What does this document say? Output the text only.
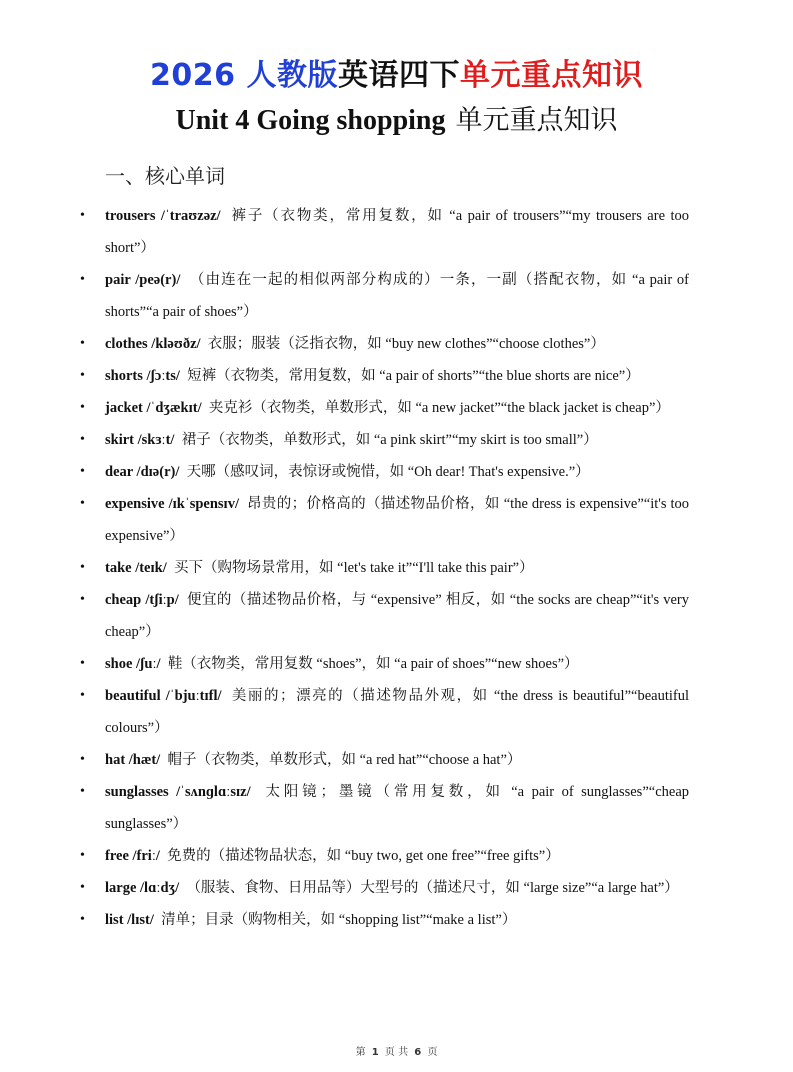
2026 人教版英语四下单元重点知识
Unit 4 Going shopping 单元重点知识
一、核心单词
• trousers /ˈtraʊzəz/ 裤子（衣物类，常用复数，如 “a pair of trousers”“my trousers are too short”）
• pair /peə(r)/ （由连在一起的相似两部分构成的）一条，一副（搭配衣物，如 “a pair of shorts”“a pair of shoes”）
• clothes /kləʊðz/ 衣服；服装（泛指衣物，如 “buy new clothes”“choose clothes”）
• shorts /ʃɔːts/ 短裤（衣物类，常用复数，如 “a pair of shorts”“the blue shorts are nice”）
• jacket /ˈdʒækɪt/ 夹克衫（衣物类，单数形式，如 “a new jacket”“the black jacket is cheap”）
• skirt /skɜːt/ 裙子（衣物类，单数形式，如 “a pink skirt”“my skirt is too small”）
• dear /dɪə(r)/ 天哪（感叹词，表惊讶或惋惜，如 “Oh dear! That's expensive.”）
• expensive /ɪkˈspensɪv/ 昂贵的；价格高的（描述物品价格，如 “the dress is expensive”“it's too expensive”）
• take /teɪk/ 买下（购物场景常用，如 “let's take it”“I'll take this pair”）
• cheap /tʃiːp/ 便宜的（描述物品价格，与 “expensive” 相反，如 “the socks are cheap”“it's very cheap”）
• shoe /ʃuː/ 鞋（衣物类，常用复数 “shoes”，如 “a pair of shoes”“new shoes”）
• beautiful /ˈbjuːtɪfl/ 美丽的；漂亮的（描述物品外观，如 “the dress is beautiful”“beautiful colours”）
• hat /hæt/ 帽子（衣物类，单数形式，如 “a red hat”“choose a hat”）
• sunglasses /ˈsʌnɡlɑːsɪz/ 太阳镜；墨镜（常用复数，如 “a pair of sunglasses”“cheap sunglasses”）
• free /friː/ 免费的（描述物品状态，如 “buy two, get one free”“free gifts”）
• large /lɑːdʒ/ （服装、食物、日用品等）大型号的（描述尺寸，如 “large size”“a large hat”）
• list /lɪst/ 清单；目录（购物相关，如 “shopping list”“make a list”）
第 1 页 共 6 页
